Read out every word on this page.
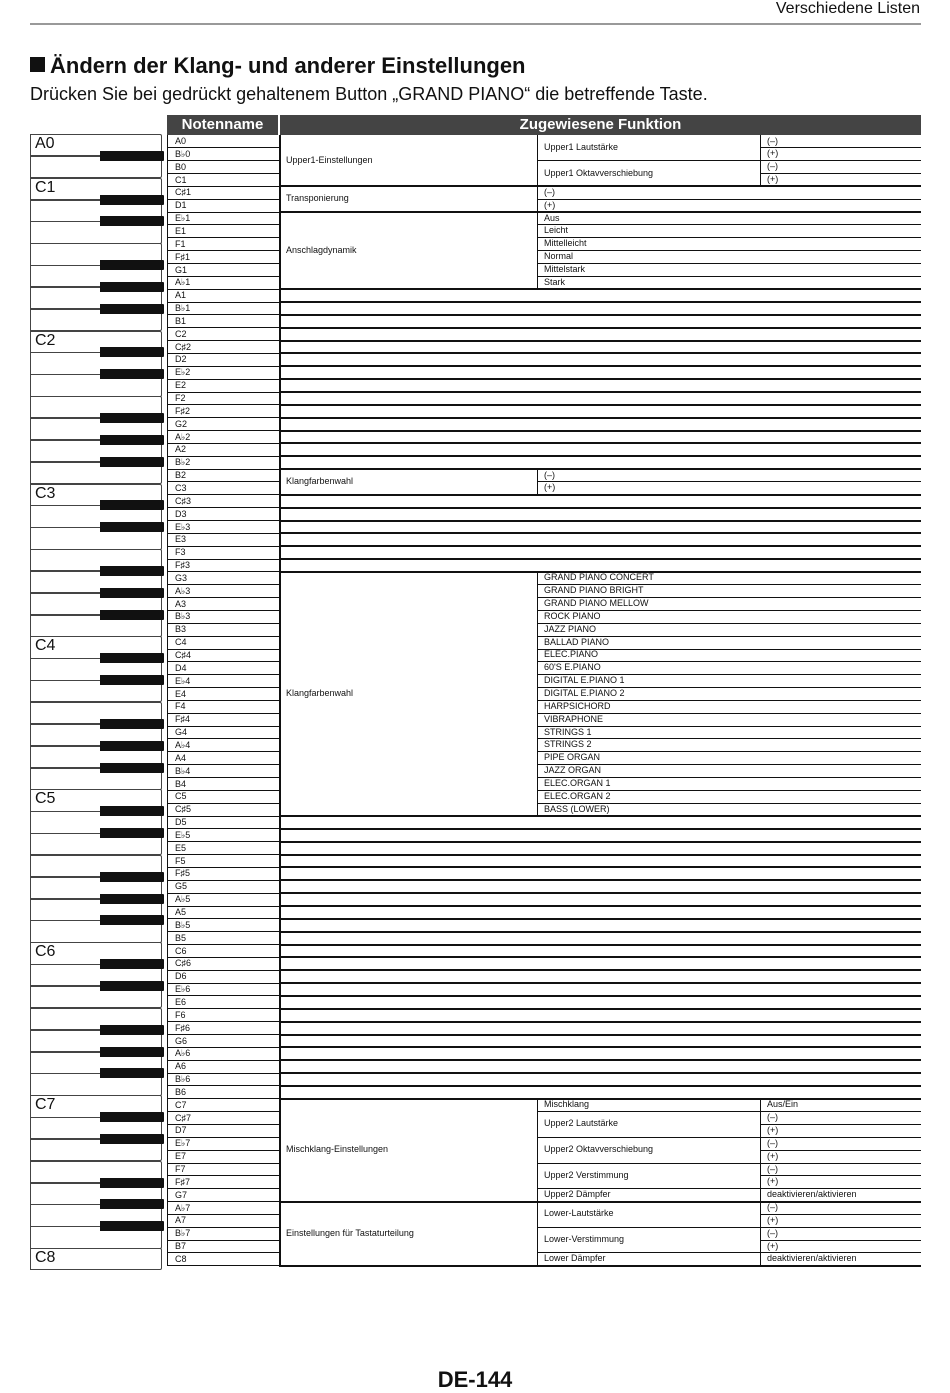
Verschiedene Listen
Ändern der Klang- und anderer Einstellungen
Drücken Sie bei gedrückt gehaltenem Button „GRAND PIANO“ die betreffende Taste.
A0
C1
C2
C3
C4
C5
C6
C7
C8
Notenname	Zugewiesene Funktion
A0
B♭0
B0
C1
C♯1
D1
E♭1
E1
F1
F♯1
G1
A♭1
A1
B♭1
B1
C2
C♯2
D2
E♭2
E2
F2
F♯2
G2
A♭2
A2
B♭2
B2
C3
C♯3
D3
E♭3
E3
F3
F♯3
G3
A♭3
A3
B♭3
B3
C4
C♯4
D4
E♭4
E4
F4
F♯4
G4
A♭4
A4
B♭4
B4
C5
C♯5
D5
E♭5
E5
F5
F♯5
G5
A♭5
A5
B♭5
B5
C6
C♯6
D6
E♭6
E6
F6
F♯6
G6
A♭6
A6
B♭6
B6
C7
C♯7
D7
E♭7
E7
F7
F♯7
G7
A♭7
A7
B♭7
B7
C8
Upper1-Einstellungen
Transponierung
Anschlagdynamik
Klangfarbenwahl
Klangfarbenwahl
Mischklang-Einstellungen
Einstellungen für Tastaturteilung
Upper1 Lautstärke
Upper1 Oktavverschiebung
(–)
(+)
Aus
Leicht
Mittelleicht
Normal
Mittelstark
Stark
(–)
(+)
GRAND PIANO CONCERT
GRAND PIANO BRIGHT
GRAND PIANO MELLOW
ROCK PIANO
JAZZ PIANO
BALLAD PIANO
ELEC.PIANO
60'S E.PIANO
DIGITAL E.PIANO 1
DIGITAL E.PIANO 2
HARPSICHORD
VIBRAPHONE
STRINGS 1
STRINGS 2
PIPE ORGAN
JAZZ ORGAN
ELEC.ORGAN 1
ELEC.ORGAN 2
BASS (LOWER)
Mischklang
Upper2 Lautstärke
Upper2 Oktavverschiebung
Upper2 Verstimmung
Upper2 Dämpfer
Lower-Lautstärke
Lower-Verstimmung
Lower Dämpfer
(–)
(+)
(–)
(+)
Aus/Ein
(–)
(+)
(–)
(+)
(–)
(+)
deaktivieren/aktivieren
(–)
(+)
(–)
(+)
deaktivieren/aktivieren
DE-144
